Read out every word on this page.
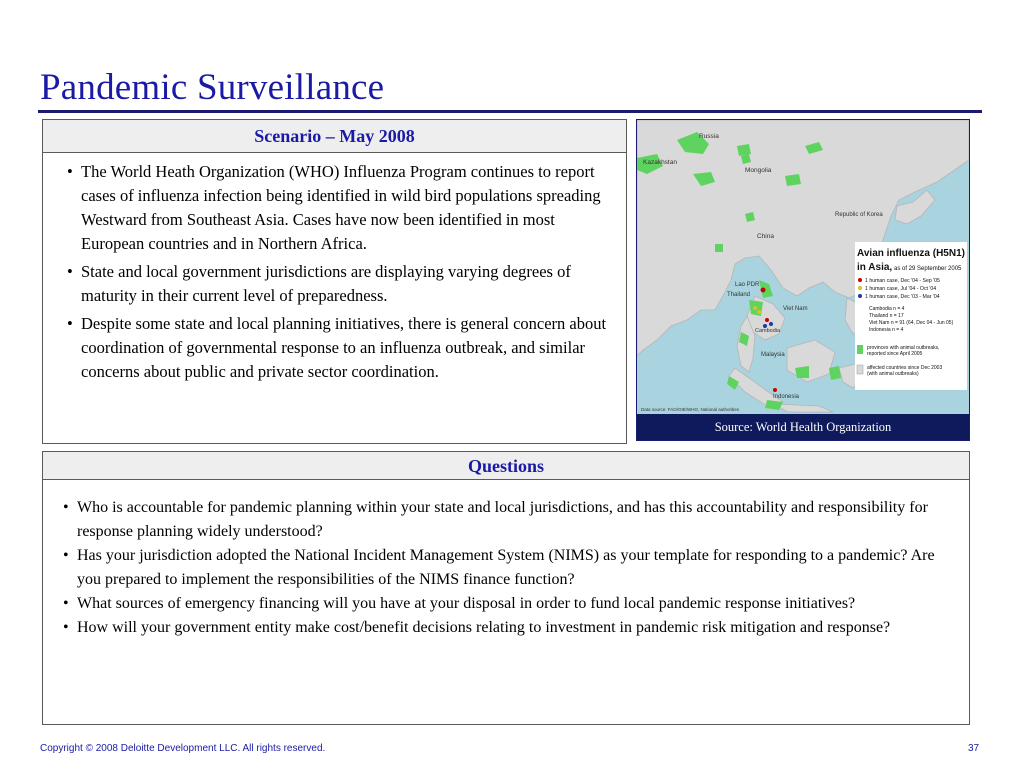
Pandemic Surveillance
Scenario – May 2008
• The World Heath Organization (WHO) Influenza Program continues to report cases of influenza infection being identified in wild bird populations spreading Westward from Southeast Asia. Cases have now been identified in most European countries and in Northern Africa.
• State and local government jurisdictions are displaying varying degrees of maturity in their current level of preparedness.
• Despite some state and local planning initiatives, there is general concern about coordination of governmental response to an influenza outbreak, and similar concerns about public and private sector coordination.
Russia
Kazakhstan
Mongolia
China
Republic of Korea
Lao PDR
Thailand
Viet Nam
Cambodia
Malaysia
Indonesia
Avian influenza (H5N1)
in Asia, as of 29 September 2005
1 human case, Dec '04 - Sep '05
1 human case, Jul '04 - Oct '04
1 human case, Dec '03 - Mar '04
Cambodia n = 4
Thailand n = 17
Viet Nam n = 91 (64, Dec 04 - Jun 05)
Indonesia n = 4
provinces with animal outbreaks,
reported since April 2005
affected countries since Dec 2003
(with animal outbreaks)
Data source: FAO/OIE/WHO, National authorities
Source: World Health Organization
Questions
• Who is accountable for pandemic planning within your state and local jurisdictions, and has this accountability and responsibility for response planning widely understood?
• Has your jurisdiction adopted the National Incident Management System (NIMS) as your template for responding to a pandemic? Are you prepared to implement the responsibilities of the NIMS finance function?
• What sources of emergency financing will you have at your disposal in order to fund local pandemic response initiatives?
• How will your government entity make cost/benefit decisions relating to investment in pandemic risk mitigation and response?
Copyright © 2008 Deloitte Development LLC. All rights reserved.	37
